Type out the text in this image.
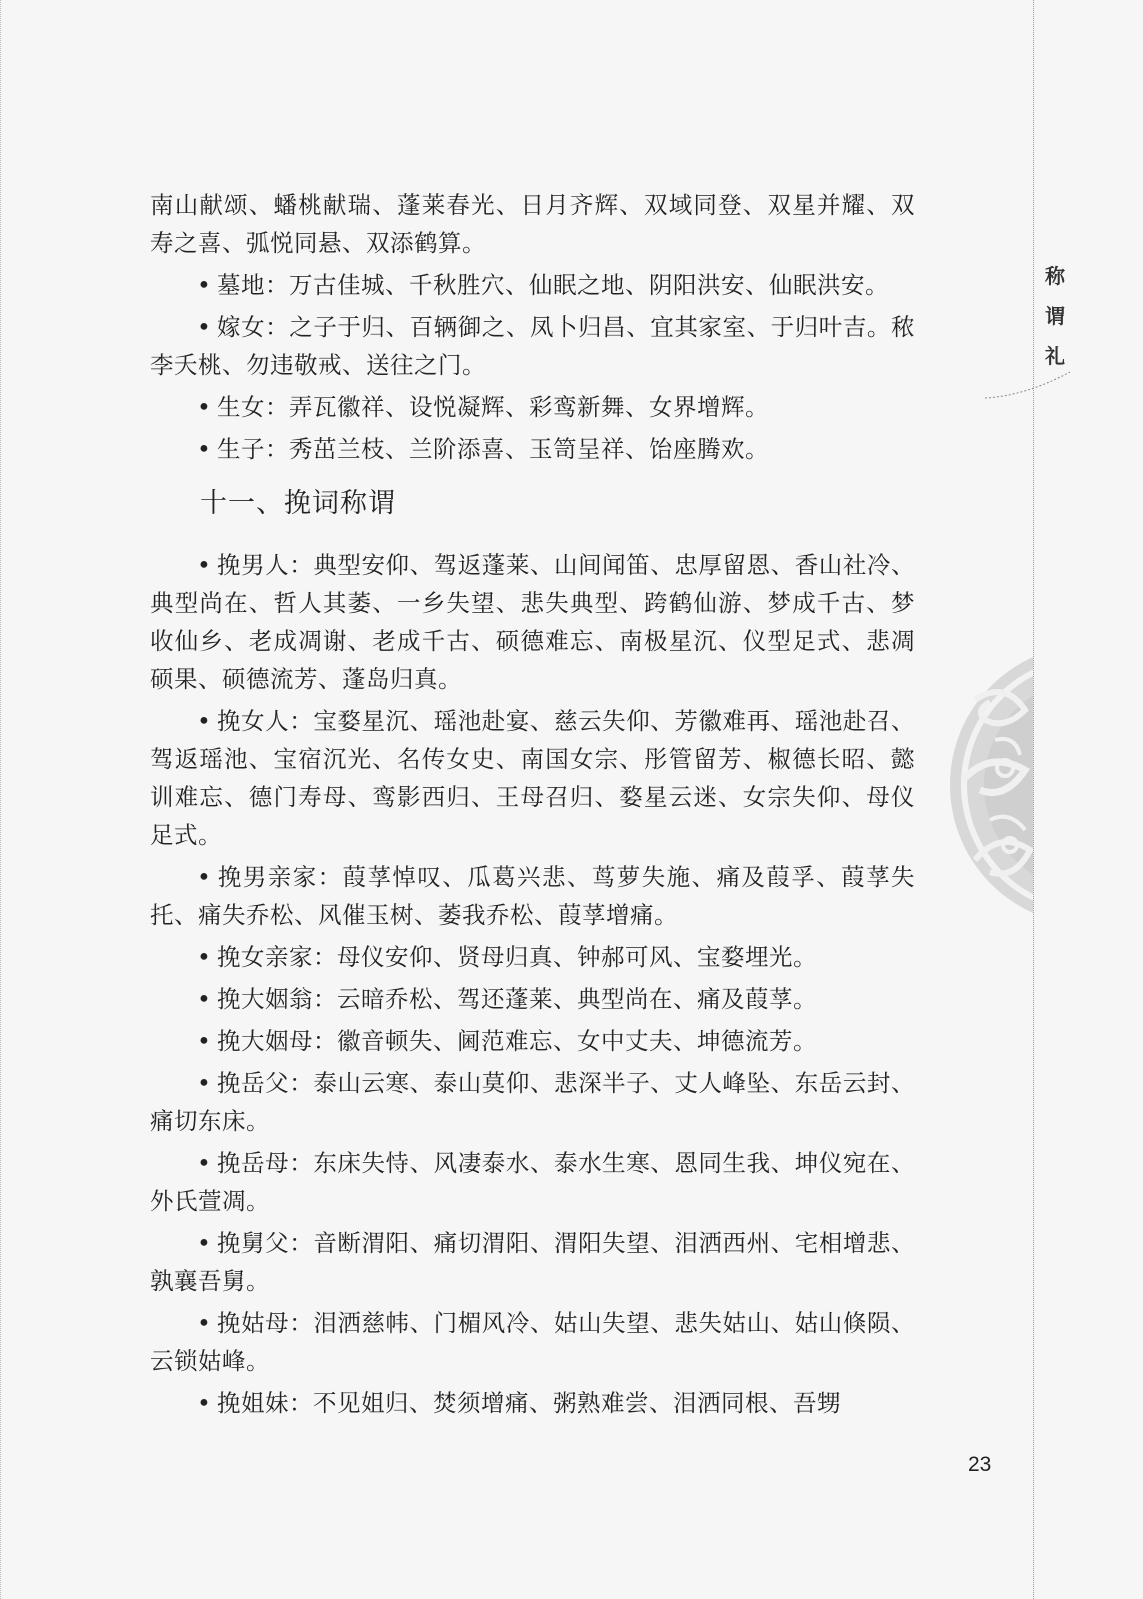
称
谓
礼

南山献颂、蟠桃献瑞、蓬莱春光、日月齐辉、双域同登、双星并耀、双寿之喜、弧悦同悬、双添鹤算。

• 墓地：万古佳城、千秋胜穴、仙眠之地、阴阳洪安、仙眠洪安。

• 嫁女：之子于归、百辆御之、凤卜归昌、宜其家室、于归叶吉。秾李夭桃、勿违敬戒、送往之门。

• 生女：弄瓦徽祥、设悦凝辉、彩鸾新舞、女界增辉。

• 生子：秀茁兰枝、兰阶添喜、玉笥呈祥、饴座腾欢。

十一、挽词称谓

• 挽男人：典型安仰、驾返蓬莱、山间闻笛、忠厚留恩、香山社冷、典型尚在、哲人其萎、一乡失望、悲失典型、跨鹤仙游、梦成千古、梦收仙乡、老成凋谢、老成千古、硕德难忘、南极星沉、仪型足式、悲凋硕果、硕德流芳、蓬岛归真。

• 挽女人：宝婺星沉、瑶池赴宴、慈云失仰、芳徽难再、瑶池赴召、驾返瑶池、宝宿沉光、名传女史、南国女宗、彤管留芳、椒德长昭、懿训难忘、德门寿母、鸾影西归、王母召归、婺星云迷、女宗失仰、母仪足式。

• 挽男亲家：葭莩悼叹、瓜葛兴悲、茑萝失施、痛及葭孚、葭莩失托、痛失乔松、风催玉树、萎我乔松、葭莩增痛。

• 挽女亲家：母仪安仰、贤母归真、钟郝可风、宝婺埋光。

• 挽大姻翁：云暗乔松、驾还蓬莱、典型尚在、痛及葭莩。

• 挽大姻母：徽音顿失、阃范难忘、女中丈夫、坤德流芳。

• 挽岳父：泰山云寒、泰山莫仰、悲深半子、丈人峰坠、东岳云封、痛切东床。

• 挽岳母：东床失恃、风凄泰水、泰水生寒、恩同生我、坤仪宛在、外氏萱凋。

• 挽舅父：音断渭阳、痛切渭阳、渭阳失望、泪洒西州、宅相增悲、孰襄吾舅。

• 挽姑母：泪洒慈帏、门楣风冷、姑山失望、悲失姑山、姑山倏陨、云锁姑峰。

• 挽姐妹：不见姐归、焚须增痛、粥熟难尝、泪洒同根、吾甥

23
